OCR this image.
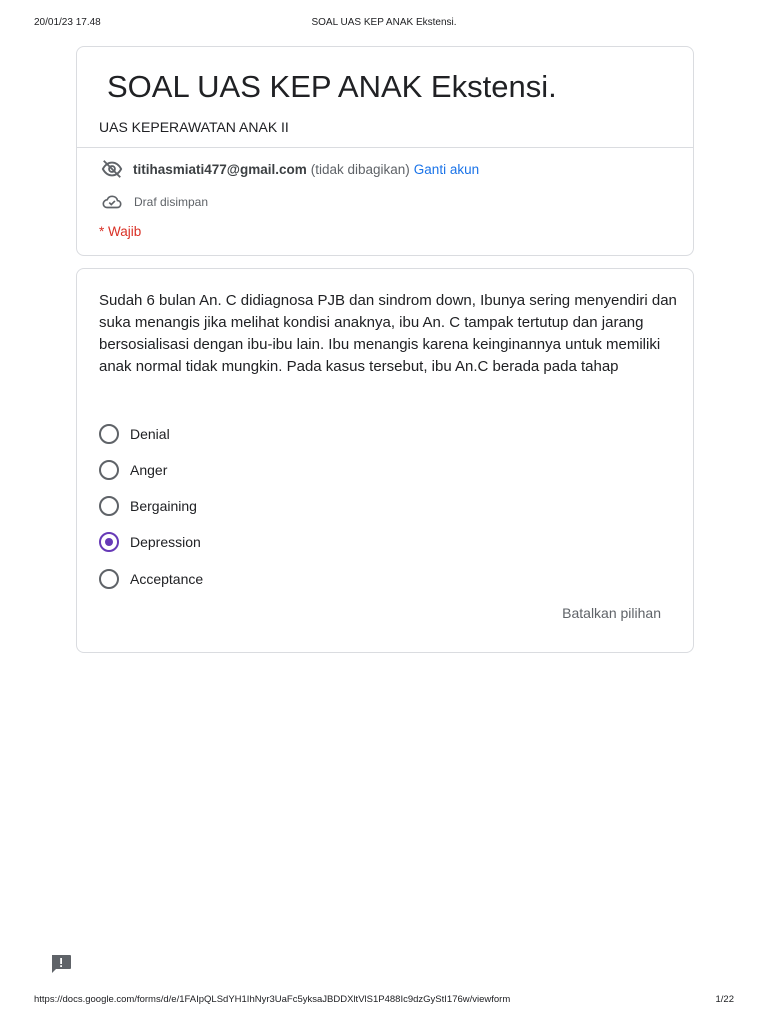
20/01/23 17.48	SOAL UAS KEP ANAK Ekstensi.
SOAL UAS KEP ANAK Ekstensi.
UAS KEPERAWATAN ANAK II
titihasmiati477@gmail.com (tidak dibagikan) Ganti akun
Draf disimpan
* Wajib

Sudah 6 bulan An. C didiagnosa PJB dan sindrom down, Ibunya sering menyendiri dan suka menangis jika melihat kondisi anaknya, ibu An. C tampak tertutup dan jarang bersosialisasi dengan ibu-ibu lain. Ibu menangis karena keinginannya untuk memiliki anak normal tidak mungkin. Pada kasus tersebut, ibu An.C berada pada tahap

Denial
Anger
Bergaining
Depression
Acceptance
Batalkan pilihan
https://docs.google.com/forms/d/e/1FAIpQLSdYH1IhNyr3UaFc5yksaJBDDXltVlS1P488Ic9dzGyStI176w/viewform	1/22
